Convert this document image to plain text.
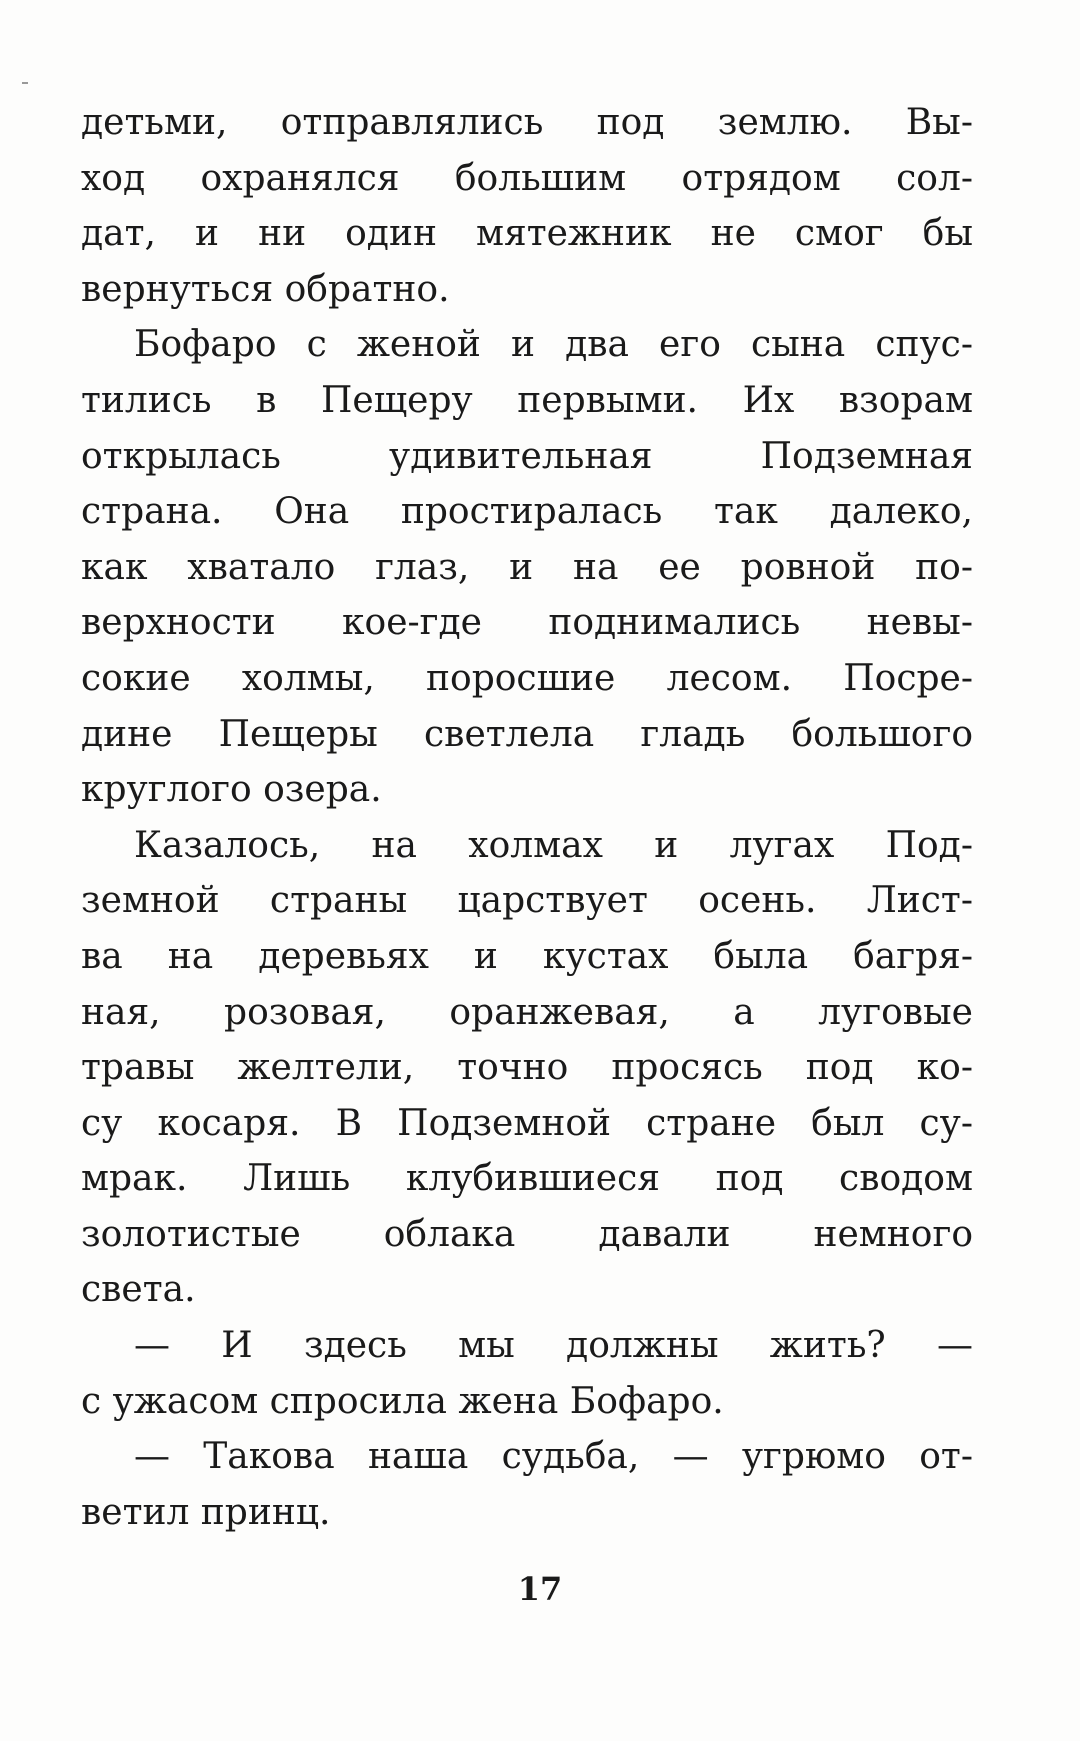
детьми, отправлялись под землю. Вы-
ход охранялся большим отрядом сол-
дат, и ни один мятежник не смог бы
вернуться обратно.
Бофаро с женой и два его сына спус-
тились в Пещеру первыми. Их взорам
открылась удивительная Подземная
страна. Она простиралась так далеко,
как хватало глаз, и на ее ровной по-
верхности кое-где поднимались невы-
сокие холмы, поросшие лесом. Посре-
дине Пещеры светлела гладь большого
круглого озера.
Казалось, на холмах и лугах Под-
земной страны царствует осень. Лист-
ва на деревьях и кустах была багря-
ная, розовая, оранжевая, а луговые
травы желтели, точно просясь под ко-
су косаря. В Подземной стране был су-
мрак. Лишь клубившиеся под сводом
золотистые облака давали немного
света.
— И здесь мы должны жить? —
с ужасом спросила жена Бофаро.
— Такова наша судьба, — угрюмо от-
ветил принц.
17
